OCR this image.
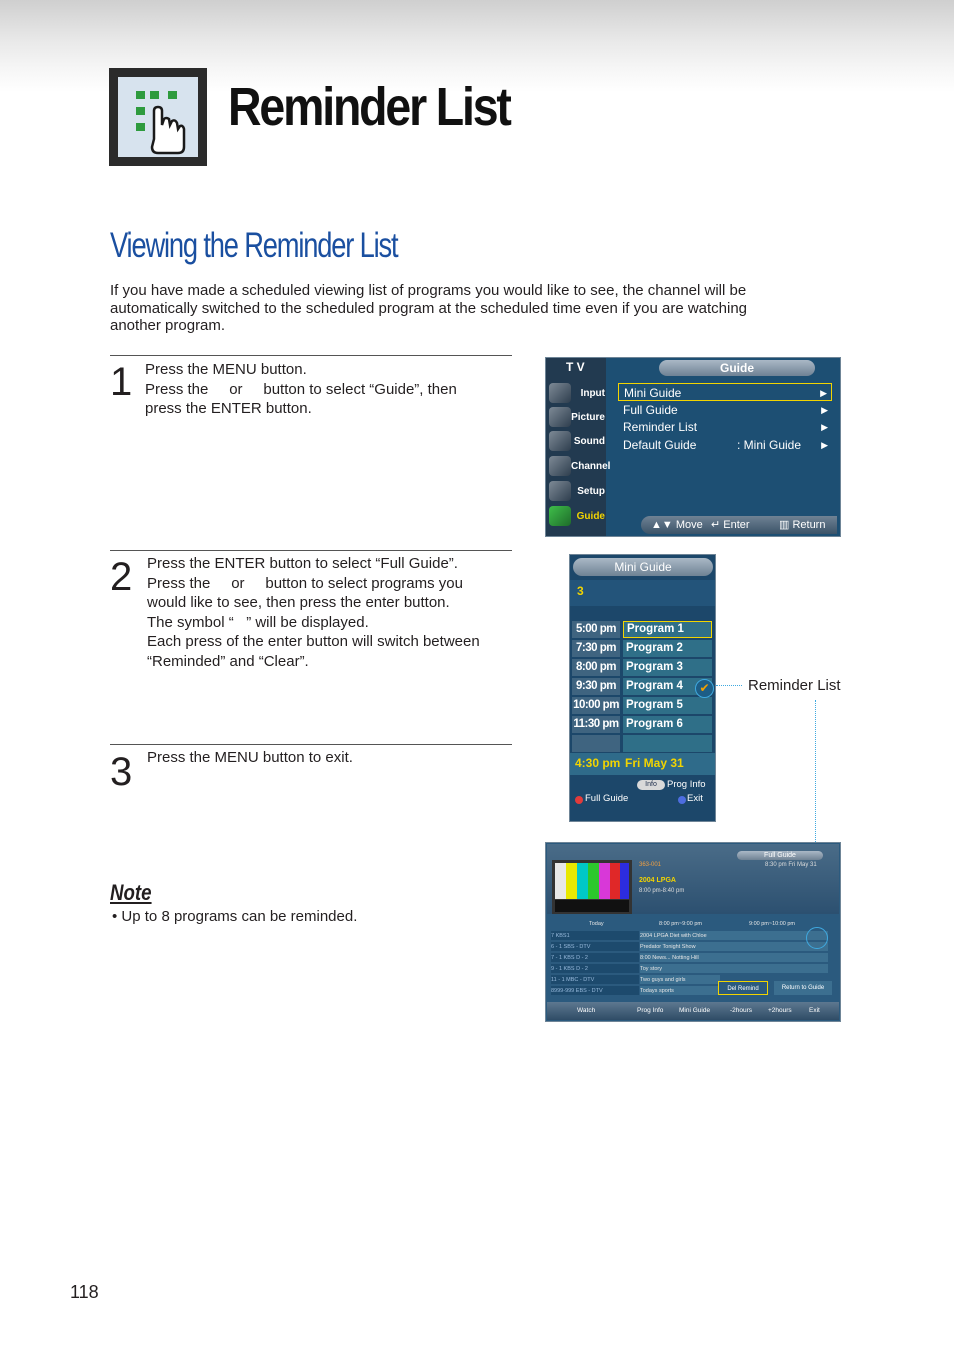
Reminder List
Viewing the Reminder List
If you have made a scheduled viewing list of programs you would like to see, the channel will be automatically switched to the scheduled program at the scheduled time even if you are watching another program.
1 Press the MENU button.
Press the     or     button to select “Guide”, then
press the ENTER button.
2 Press the ENTER button to select “Full Guide”.
Press the     or     button to select programs you
would like to see, then press the enter button.
The symbol “   ” will be displayed.
Each press of the enter button will switch between
“Reminded” and “Clear”.
3 Press the MENU button to exit.
Note
• Up to 8 programs can be reminded.
T V
Input
Picture
Sound
Channel
Setup
Guide
Guide
Mini Guide	▶
Full Guide	▶
Reminder List	▶
Default Guide	: Mini Guide ▶
▲▼ Move ↵ Enter	▥ Return
Mini Guide
3
5:00 pm Program 1
7:30 pm Program 2
8:00 pm Program 3
9:30 pm Program 4
10:00 pm Program 5
11:30 pm Program 6
✔
4:30 pm Fri May 31
Info	Prog Info
Full Guide	Exit
Reminder List
Full Guide
8:30 pm Fri May 31
363-001
2004 LPGA
8:00 pm-8:40 pm
Today	8:00 pm~9:00 pm	9:00 pm~10:00 pm
7 KBS1	2004 LPGA Diet with Chloe
6 - 1 SBS - DTV	Predator Tonight Show
7 - 1 KBS D - 2	8:00 News... Notting Hill
9 - 1 KBS D - 2	Toy story
11 - 1 MBC - DTV	Two guys and girls
8999-999 EBS - DTV	Todays sports	Del Remind	Return to Guide
Watch	Prog Info Mini Guide	-2hours +2hours	Exit
118
